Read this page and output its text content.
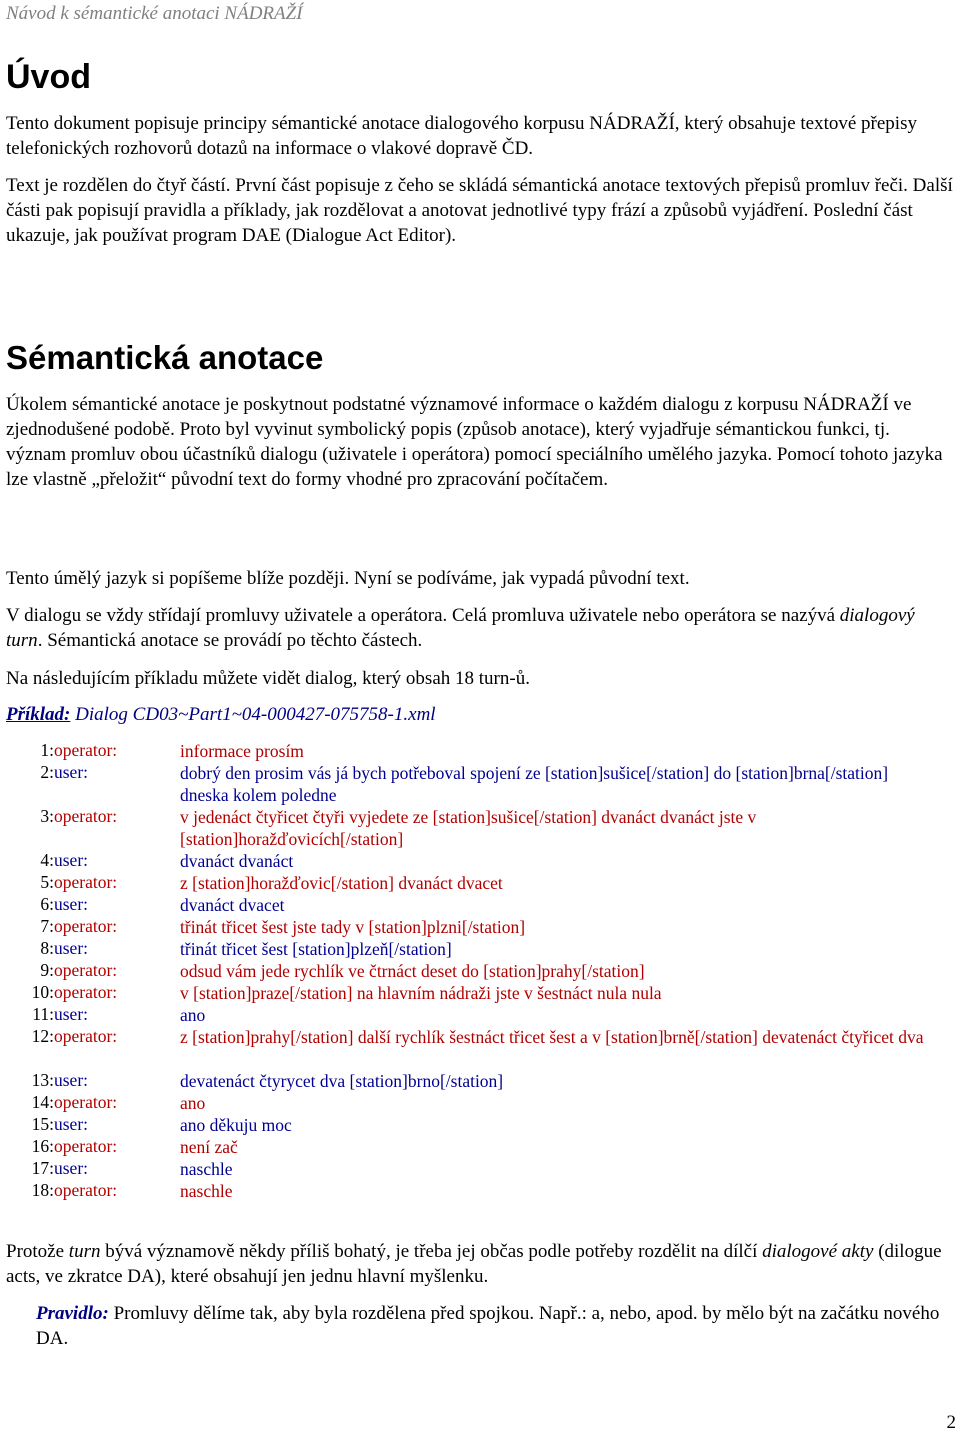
Návod k sémantické anotaci NÁDRAŽÍ
Úvod

Tento dokument popisuje principy sémantické anotace dialogového korpusu NÁDRAŽÍ, který obsahuje textové přepisy telefonických rozhovorů dotazů na informace o vlakové dopravě ČD.

Text je rozdělen do čtyř částí. První část popisuje z čeho se skládá sémantická anotace textových přepisů promluv řeči. Další části pak popisují pravidla a příklady, jak rozdělovat a anotovat jednotlivé typy frází a způsobů vyjádření. Poslední část ukazuje, jak používat program DAE (Dialogue Act Editor).

Sémantická anotace

Úkolem sémantické anotace je poskytnout podstatné významové informace o každém dialogu z korpusu NÁDRAŽÍ ve zjednodušené podobě. Proto byl vyvinut symbolický popis (způsob anotace), který vyjadřuje sémantickou funkci, tj. význam promluv obou účastníků dialogu (uživatele i operátora) pomocí speciálního umělého jazyka. Pomocí tohoto jazyka lze vlastně „přeložit“ původní text do formy vhodné pro zpracování počítačem.

Tento úmělý jazyk si popíšeme blíže později. Nyní se podíváme, jak vypadá původní text.

V dialogu se vždy střídají promluvy uživatele a operátora. Celá promluva uživatele nebo operátora se nazývá dialogový turn. Sémantická anotace se provádí po těchto částech.

Na následujícím příkladu můžete vidět dialog, který obsah 18 turn-ů.

Příklad: Dialog CD03~Part1~04-000427-075758-1.xml

1: operator:	informace prosím
2: user:	dobrý den prosim vás já bych potřeboval spojení ze [station]sušice[/station] do [station]brna[/station] dneska kolem poledne
3: operator:	v jedenáct čtyřicet čtyři vyjedete ze [station]sušice[/station] dvanáct dvanáct jste v [station]horažďovicích[/station]
4: user:	dvanáct dvanáct
5: operator:	z [station]horažďovic[/station] dvanáct dvacet
6: user:	dvanáct dvacet
7: operator:	třinát třicet šest jste tady v [station]plzni[/station]
8: user:	třinát třicet šest [station]plzeň[/station]
9: operator:	odsud vám jede rychlík ve čtrnáct deset do [station]prahy[/station]
10: operator:	v [station]praze[/station] na hlavním nádraži jste v šestnáct nula nula
11: user:	ano
12: operator:	z [station]prahy[/station] další rychlík šestnáct třicet šest a v [station]brně[/station] devatenáct čtyřicet dva
13: user:	devatenáct čtyrycet dva [station]brno[/station]
14: operator:	ano
15: user:	ano děkuju moc
16: operator:	není zač
17: user:	naschle
18: operator:	naschle

Protože turn bývá významově někdy příliš bohatý, je třeba jej občas podle potřeby rozdělit na dílčí dialogové akty (dilogue acts, ve zkratce DA), které obsahují jen jednu hlavní myšlenku.

Pravidlo: Promluvy dělíme tak, aby byla rozdělena před spojkou. Např.: a, nebo, apod. by mělo být na začátku nového DA.

2
